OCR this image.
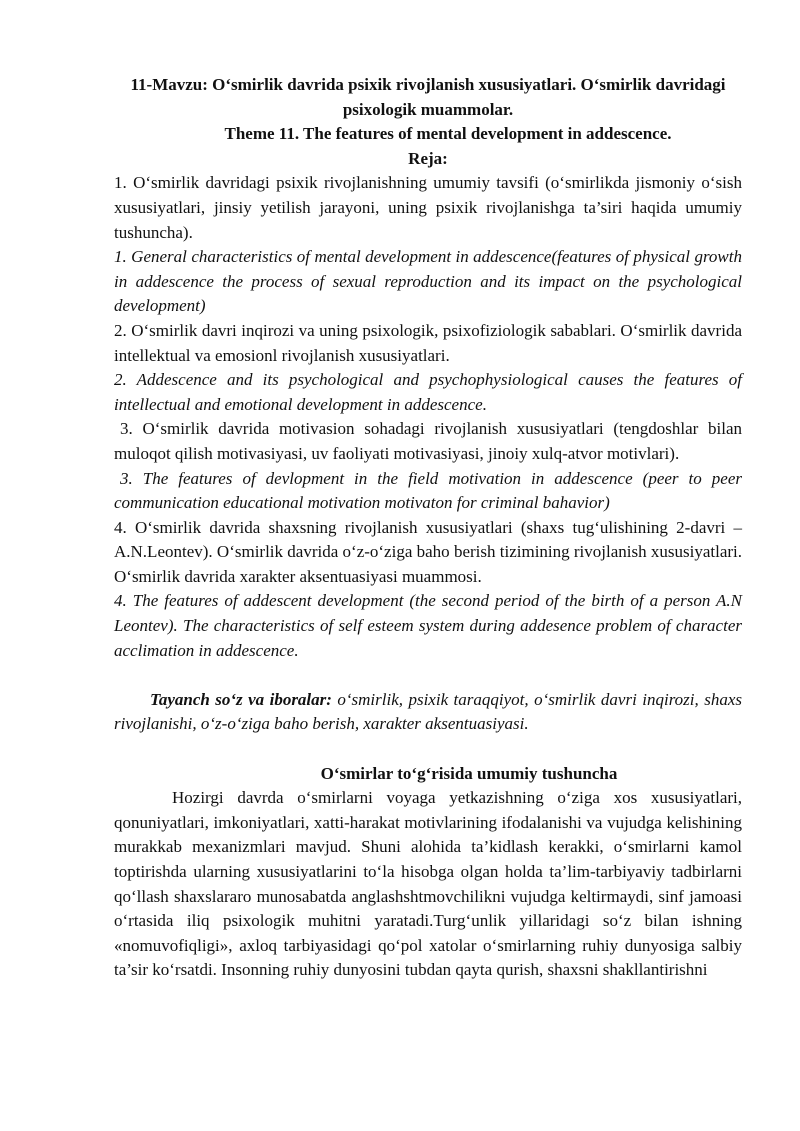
11-Mavzu: O‘smirlik davrida psixik rivojlanish xususiyatlari. O‘smirlik davridagi psixologik muammolar.

Theme 11. The features of mental development in addescence.

Reja:

1. O‘smirlik davridagi psixik rivojlanishning umumiy tavsifi (o‘smirlikda jismoniy o‘sish xususiyatlari, jinsiy yetilish jarayoni, uning psixik rivojlanishga ta’siri haqida umumiy tushuncha).

1. General characteristics of mental development in addescence(features of physical growth in addescence the process of sexual reproduction and its impact on the psychological development)

2. O‘smirlik davri inqirozi va uning psixologik, psixofiziologik sabablari. O‘smirlik davrida intellektual va emosionl rivojlanish xususiyatlari.

2. Addescence and its psychological and psychophysiological causes the features of intellectual and emotional development in addescence.

3. O‘smirlik davrida motivasion sohadagi rivojlanish xususiyatlari (tengdoshlar bilan muloqot qilish motivasiyasi, uv faoliyati motivasiyasi, jinoiy xulq-atvor motivlari).

3. The features of devlopment in the field motivation in addescence (peer to peer communication educational motivation motivaton for criminal bahavior)

4. O‘smirlik davrida shaxsning rivojlanish xususiyatlari (shaxs tug‘ulishining 2-davri – A.N.Leontev). O‘smirlik davrida o‘z-o‘ziga baho berish tizimining rivojlanish xususiyatlari. O‘smirlik davrida xarakter aksentuasiyasi muammosi.

4. The features of addescent development (the second period of the birth of a person A.N Leontev). The characteristics of self esteem system during addesence problem of character acclimation in addescence.

Tayanch so‘z va iboralar: o‘smirlik, psixik taraqqiyot, o‘smirlik davri inqirozi, shaxs rivojlanishi, o‘z-o‘ziga baho berish, xarakter aksentuasiyasi.

O‘smirlar to‘g‘risida umumiy tushuncha

Hozirgi davrda o‘smirlarni voyaga yetkazishning o‘ziga xos xususiyatlari, qonuniyatlari, imkoniyatlari, xatti-harakat motivlarining ifodalanishi va vujudga kelishining murakkab mexanizmlari mavjud. Shuni alohida ta’kidlash kerakki, o‘smirlarni kamol toptirishda ularning xususiyatlarini to‘la hisobga olgan holda ta’lim-tarbiyaviy tadbirlarni qo‘llash shaxslararo munosabatda anglashshtmovchilikni vujudga keltirmaydi, sinf jamoasi o‘rtasida iliq psixologik muhitni yaratadi.Turg‘unlik yillaridagi so‘z bilan ishning «nomuvofiqligi», axloq tarbiyasidagi qo‘pol xatolar o‘smirlarning ruhiy dunyosiga salbiy ta’sir ko‘rsatdi. Insonning ruhiy dunyosini tubdan qayta qurish, shaxsni shakllantirishni
